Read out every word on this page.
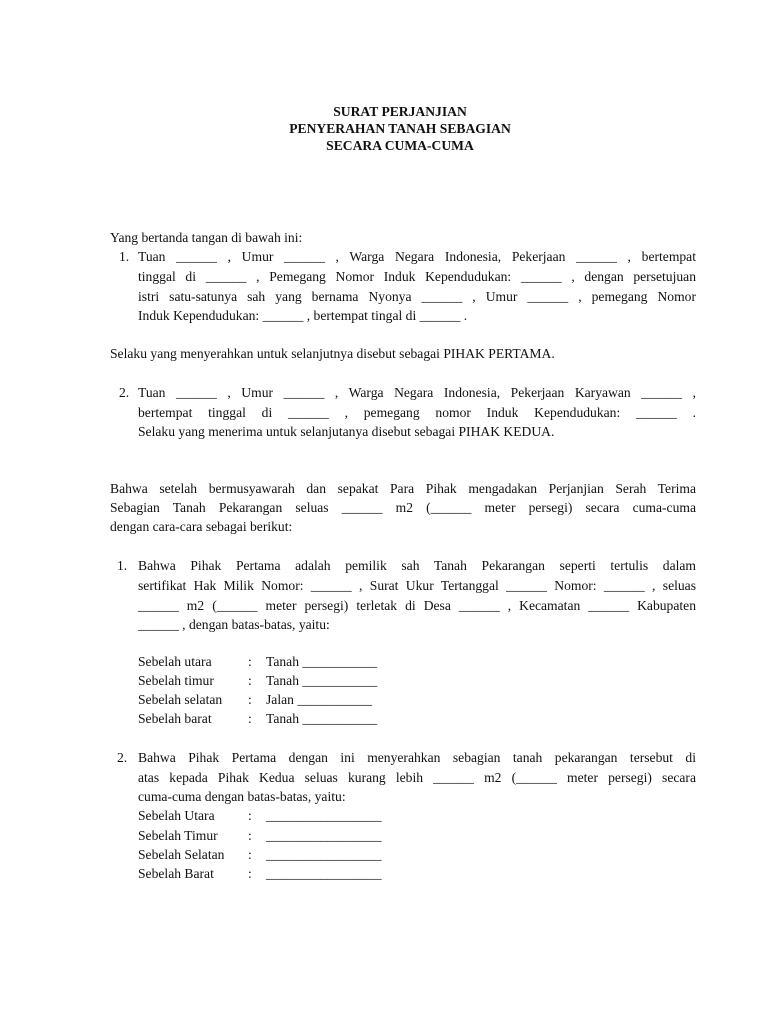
SURAT PERJANJIAN
PENYERAHAN TANAH SEBAGIAN
SECARA CUMA-CUMA
Yang bertanda tangan di bawah ini:
1. Tuan ______ , Umur ______ , Warga Negara Indonesia, Pekerjaan ______ , bertempat
tinggal di ______ , Pemegang Nomor Induk Kependudukan: ______ , dengan persetujuan
istri satu-satunya sah yang bernama Nyonya ______ , Umur ______ , pemegang Nomor
Induk Kependudukan: ______ , bertempat tingal di ______ .
Selaku yang menyerahkan untuk selanjutnya disebut sebagai PIHAK PERTAMA.
2. Tuan ______ , Umur ______ , Warga Negara Indonesia, Pekerjaan Karyawan ______ ,
bertempat tinggal di ______ , pemegang nomor Induk Kependudukan: ______ .
Selaku yang menerima untuk selanjutanya disebut sebagai PIHAK KEDUA.
Bahwa setelah bermusyawarah dan sepakat Para Pihak mengadakan Perjanjian Serah Terima
Sebagian Tanah Pekarangan seluas ______ m2 (______ meter persegi) secara cuma-cuma
dengan cara-cara sebagai berikut:
1. Bahwa Pihak Pertama adalah pemilik sah Tanah Pekarangan seperti tertulis dalam
sertifikat Hak Milik Nomor: ______ , Surat Ukur Tertanggal ______ Nomor: ______ , seluas
______ m2 (______ meter persegi) terletak di Desa ______ , Kecamatan ______ Kabupaten
______ , dengan batas-batas, yaitu:
Sebelah utara	: Tanah ___________
Sebelah timur	: Tanah ___________
Sebelah selatan : Jalan ___________
Sebelah barat	: Tanah ___________
2. Bahwa Pihak Pertama dengan ini menyerahkan sebagian tanah pekarangan tersebut di
atas kepada Pihak Kedua seluas kurang lebih ______ m2 (______ meter persegi) secara
cuma-cuma dengan batas-batas, yaitu:
Sebelah Utara : _________________
Sebelah Timur : _________________
Sebelah Selatan : _________________
Sebelah Barat	: _________________
